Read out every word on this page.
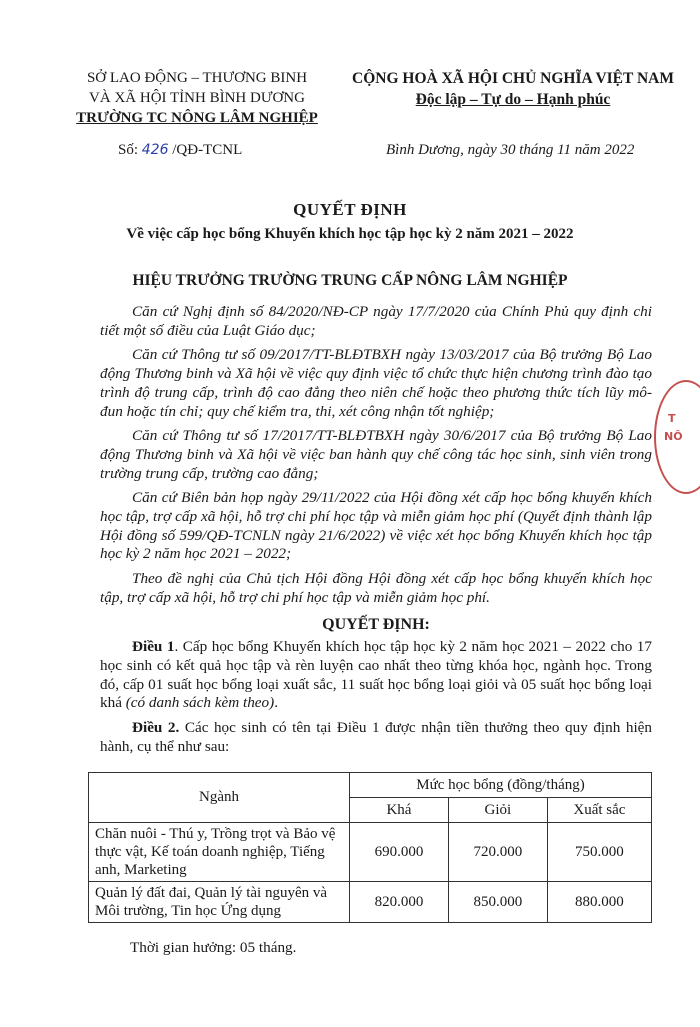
SỞ LAO ĐỘNG – THƯƠNG BINH
VÀ XÃ HỘI TỈNH BÌNH DƯƠNG
TRƯỜNG TC NÔNG LÂM NGHIỆP
CỘNG HOÀ XÃ HỘI CHỦ NGHĨA VIỆT NAM
Độc lập – Tự do – Hạnh phúc
Số: 426 /QĐ-TCNL	Bình Dương, ngày 30 tháng 11 năm 2022
QUYẾT ĐỊNH
Về việc cấp học bổng Khuyến khích học tập học kỳ 2 năm 2021 – 2022
HIỆU TRƯỞNG TRƯỜNG TRUNG CẤP NÔNG LÂM NGHIỆP

Căn cứ Nghị định số 84/2020/NĐ-CP ngày 17/7/2020 của Chính Phủ quy định chi tiết một số điều của Luật Giáo dục;

Căn cứ Thông tư số 09/2017/TT-BLĐTBXH ngày 13/03/2017 của Bộ trưởng Bộ Lao động Thương binh và Xã hội về việc quy định việc tổ chức thực hiện chương trình đào tạo trình độ trung cấp, trình độ cao đẳng theo niên chế hoặc theo phương thức tích lũy mô-đun hoặc tín chỉ; quy chế kiểm tra, thi, xét công nhận tốt nghiệp;

Căn cứ Thông tư số 17/2017/TT-BLĐTBXH ngày 30/6/2017 của Bộ trưởng Bộ Lao động Thương binh và Xã hội về việc ban hành quy chế công tác học sinh, sinh viên trong trường trung cấp, trường cao đẳng;

Căn cứ Biên bản họp ngày 29/11/2022 của Hội đồng xét cấp học bổng khuyến khích học tập, trợ cấp xã hội, hỗ trợ chi phí học tập và miễn giảm học phí (Quyết định thành lập Hội đồng số 599/QĐ-TCNLN ngày 21/6/2022) về việc xét học bổng Khuyến khích học tập học kỳ 2 năm học 2021 – 2022;

Theo đề nghị của Chủ tịch Hội đồng Hội đồng xét cấp học bổng khuyến khích học tập, trợ cấp xã hội, hỗ trợ chi phí học tập và miễn giảm học phí.

QUYẾT ĐỊNH:

Điều 1. Cấp học bổng Khuyến khích học tập học kỳ 2 năm học 2021 – 2022 cho 17 học sinh có kết quả học tập và rèn luyện cao nhất theo từng khóa học, ngành học. Trong đó, cấp 01 suất học bổng loại xuất sắc, 11 suất học bổng loại giỏi và 05 suất học bổng loại khá (có danh sách kèm theo).

Điều 2. Các học sinh có tên tại Điều 1 được nhận tiền thưởng theo quy định hiện hành, cụ thể như sau:

Ngành	Mức học bổng (đồng/tháng)		
	Khá	Giỏi	Xuất sắc
Chăn nuôi - Thú y, Trồng trọt và Bảo vệ thực vật, Kế toán doanh nghiệp, Tiếng anh, Marketing	690.000	720.000	750.000
Quản lý đất đai, Quản lý tài nguyên và Môi trường, Tin học Ứng dụng	820.000	850.000	880.000
Thời gian hưởng: 05 tháng.
T
NÔ
